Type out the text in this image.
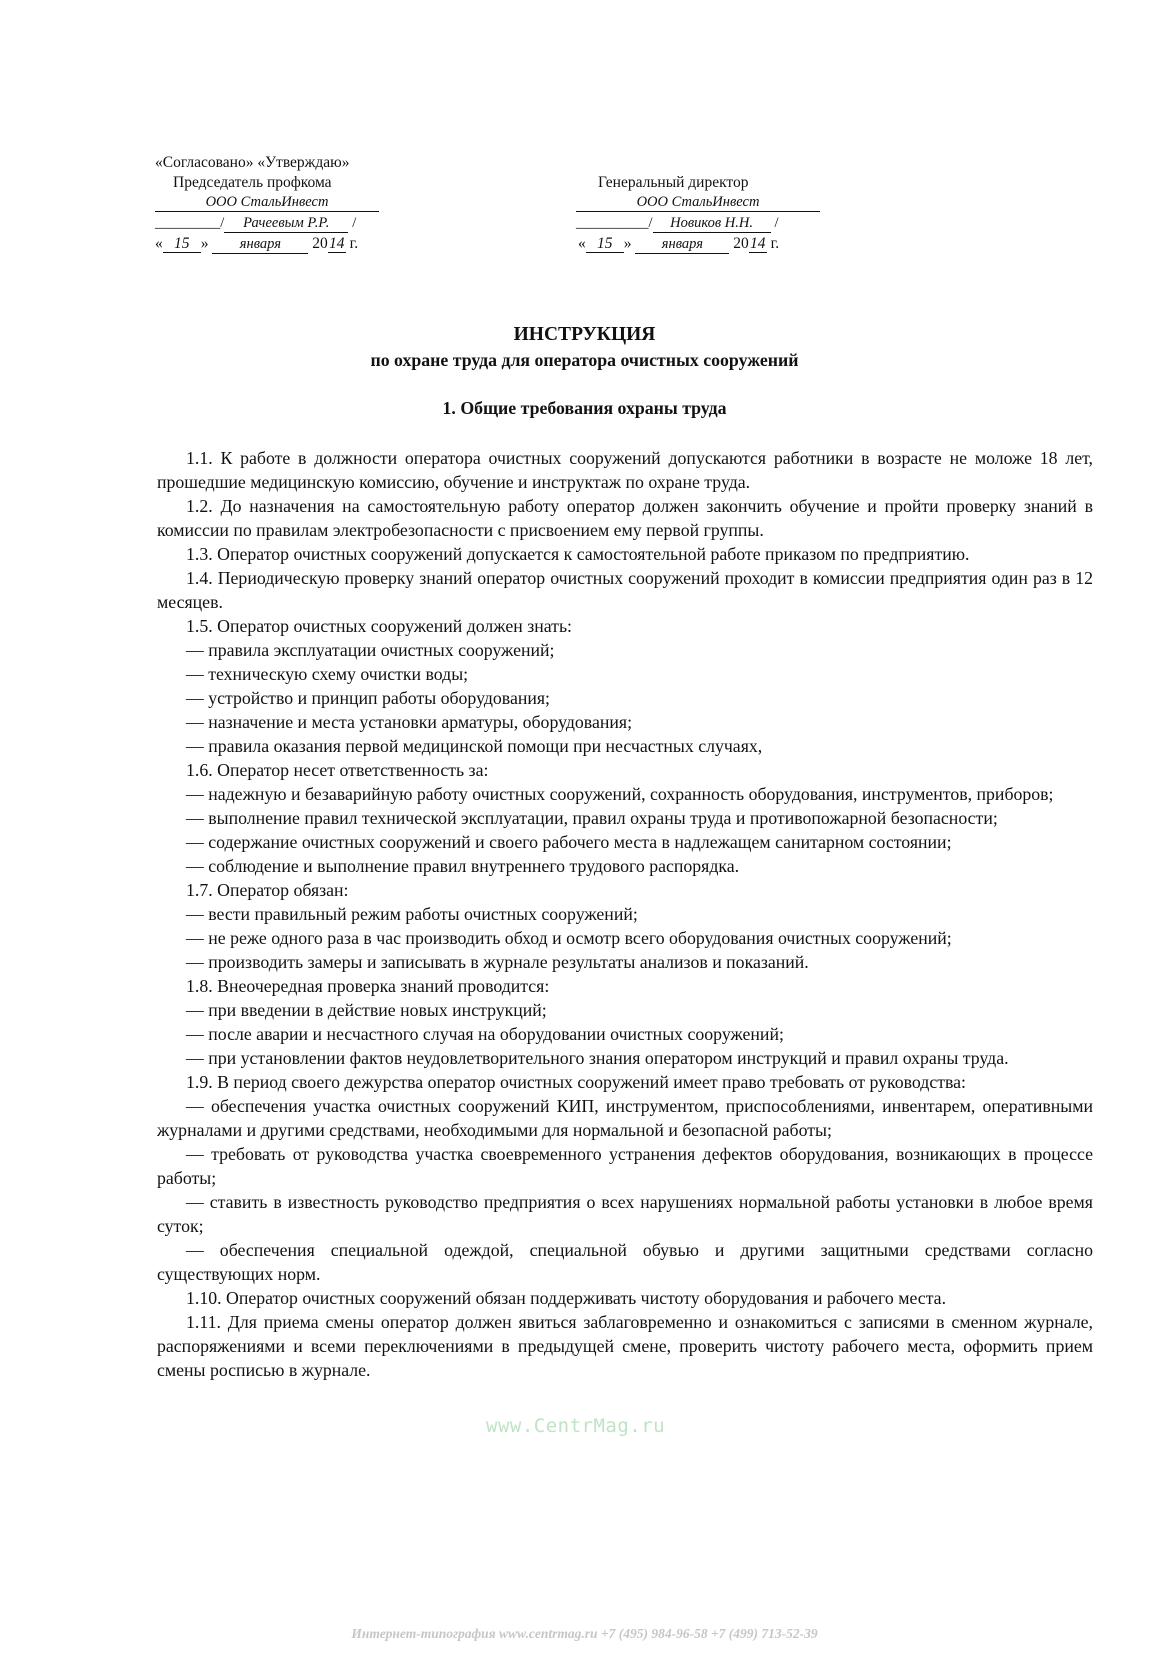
«Согласовано» «Утверждаю»
Председатель профкома
ООО СтальИнвест
_________/ Рачеевым Р.Р. /
« 15 » января 2014 г.
Генеральный директор
ООО СтальИнвест
__________/ Новиков Н.Н. /
« 15 » января 2014 г.
ИНСТРУКЦИЯ
по охране труда для оператора очистных сооружений
1. Общие требования охраны труда

1.1. К работе в должности оператора очистных сооружений допускаются работники в возрасте не моложе 18 лет, прошедшие медицинскую комиссию, обучение и инструктаж по охране труда.

1.2. До назначения на самостоятельную работу оператор должен закончить обучение и пройти проверку знаний в комиссии по правилам электробезопасности с присвоением ему первой группы.

1.3. Оператор очистных сооружений допускается к самостоятельной работе приказом по предприятию.

1.4. Периодическую проверку знаний оператор очистных сооружений проходит в комиссии предприятия один раз в 12 месяцев.

1.5. Оператор очистных сооружений должен знать:

— правила эксплуатации очистных сооружений;

— техническую схему очистки воды;

— устройство и принцип работы оборудования;

— назначение и места установки арматуры, оборудования;

— правила оказания первой медицинской помощи при несчастных случаях,

1.6. Оператор несет ответственность за:

— надежную и безаварийную работу очистных сооружений, сохранность оборудования, инструментов, приборов;

— выполнение правил технической эксплуатации, правил охраны труда и противопожарной безопасности;

— содержание очистных сооружений и своего рабочего места в надлежащем санитарном состоянии;

— соблюдение и выполнение правил внутреннего трудового распорядка.

1.7. Оператор обязан:

— вести правильный режим работы очистных сооружений;

— не реже одного раза в час производить обход и осмотр всего оборудования очистных сооружений;

— производить замеры и записывать в журнале результаты анализов и показаний.

1.8. Внеочередная проверка знаний проводится:

— при введении в действие новых инструкций;

— после аварии и несчастного случая на оборудовании очистных сооружений;

— при установлении фактов неудовлетворительного знания оператором инструкций и правил охраны труда.

1.9. В период своего дежурства оператор очистных сооружений имеет право требовать от руководства:

— обеспечения участка очистных сооружений КИП, инструментом, приспособлениями, инвентарем, оперативными журналами и другими средствами, необходимыми для нормальной и безопасной работы;

— требовать от руководства участка своевременного устранения дефектов оборудования, возникающих в процессе работы;

— ставить в известность руководство предприятия о всех нарушениях нормальной работы установки в любое время суток;

— обеспечения специальной одеждой, специальной обувью и другими защитными средствами согласно существующих норм.

1.10. Оператор очистных сооружений обязан поддерживать чистоту оборудования и рабочего места.

1.11. Для приема смены оператор должен явиться заблаговременно и ознакомиться с записями в сменном журнале, распоряжениями и всеми переключениями в предыдущей смене, проверить чистоту рабочего места, оформить прием смены росписью в журнале.

www.CentrMag.ru
Интернет-типография www.centrmag.ru +7 (495) 984-96-58 +7 (499) 713-52-39
